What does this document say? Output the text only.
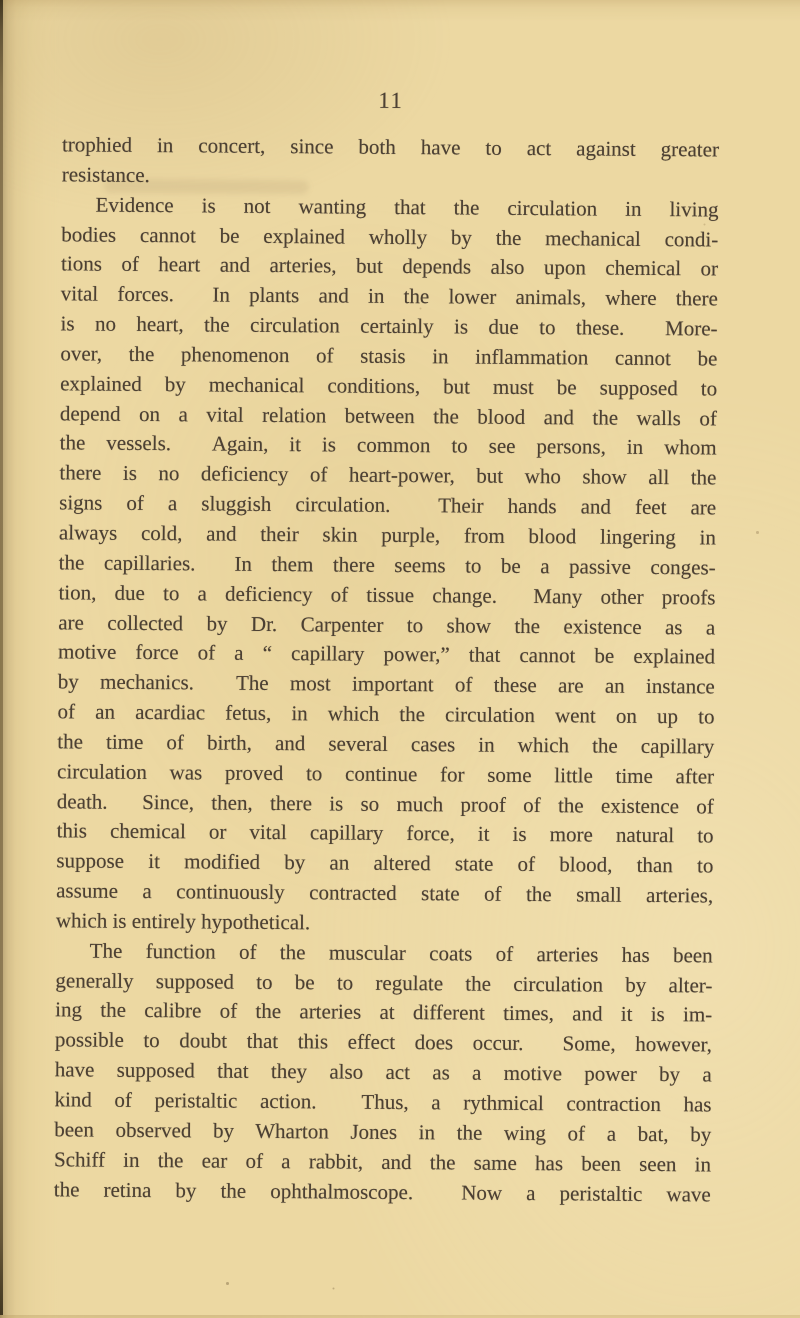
11
trophied in concert, since both have to act against greater
resistance.
Evidence is not wanting that the circulation in living
bodies cannot be explained wholly by the mechanical condi-
tions of heart and arteries, but depends also upon chemical or
vital forces.  In plants and in the lower animals, where there
is no heart, the circulation certainly is due to these.  More-
over, the phenomenon of stasis in inflammation cannot be
explained by mechanical conditions, but must be supposed to
depend on a vital relation between the blood and the walls of
the vessels.  Again, it is common to see persons, in whom
there is no deficiency of heart-power, but who show all the
signs of a sluggish circulation.  Their hands and feet are
always cold, and their skin purple, from blood lingering in
the capillaries.  In them there seems to be a passive conges-
tion, due to a deficiency of tissue change.  Many other proofs
are collected by Dr. Carpenter to show the existence as a
motive force of a “ capillary power,” that cannot be explained
by mechanics.  The most important of these are an instance
of an acardiac fetus, in which the circulation went on up to
the time of birth, and several cases in which the capillary
circulation was proved to continue for some little time after
death.  Since, then, there is so much proof of the existence of
this chemical or vital capillary force, it is more natural to
suppose it modified by an altered state of blood, than to
assume a continuously contracted state of the small arteries,
which is entirely hypothetical.
The function of the muscular coats of arteries has been
generally supposed to be to regulate the circulation by alter-
ing the calibre of the arteries at different times, and it is im-
possible to doubt that this effect does occur.  Some, however,
have supposed that they also act as a motive power by a
kind of peristaltic action.  Thus, a rythmical contraction has
been observed by Wharton Jones in the wing of a bat, by
Schiff in the ear of a rabbit, and the same has been seen in
the retina by the ophthalmoscope.  Now a peristaltic wave
